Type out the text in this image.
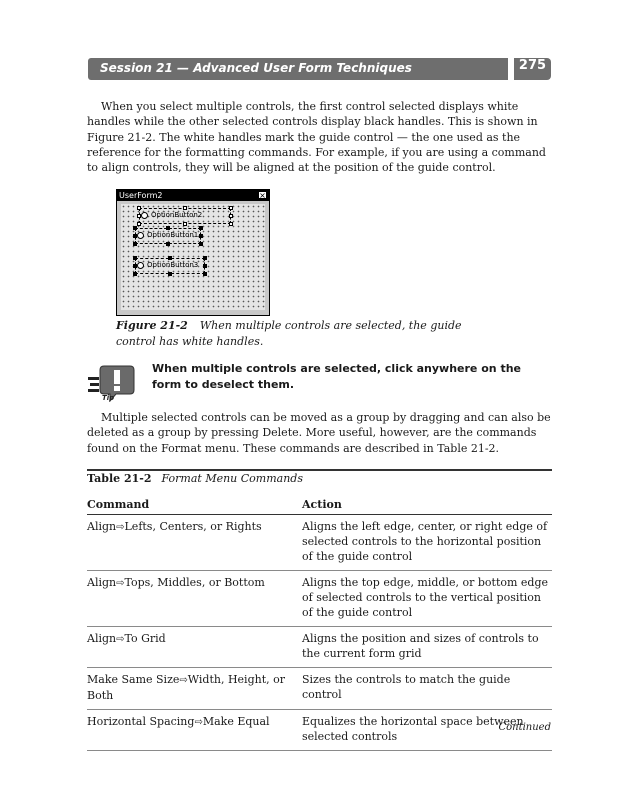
Session 21 — Advanced User Form Techniques	275

When you select multiple controls, the first control selected displays white handles while the other selected controls display black handles. This is shown in Figure 21-2. The white handles mark the guide control — the one used as the reference for the formatting commands. For example, if you are using a command to align controls, they will be aligned at the position of the guide control.

UserForm2	×
OptionButton2
OptionButton1
OptionButton3
Figure 21-2 When multiple controls are selected, the guide control has white handles.
Tip
When multiple controls are selected, click anywhere on the form to deselect them.

Multiple selected controls can be moved as a group by dragging and can also be deleted as a group by pressing Delete. More useful, however, are the commands found on the Format menu. These commands are described in Table 21-2.

Table 21-2 Format Menu Commands
Command	Action
Align⇨Lefts, Centers, or Rights	Aligns the left edge, center, or right edge of selected controls to the horizontal position of the guide control
Align⇨Tops, Middles, or Bottom	Aligns the top edge, middle, or bottom edge of selected controls to the vertical position of the guide control
Align⇨To Grid	Aligns the position and sizes of controls to the current form grid
Make Same Size⇨Width, Height, or Both	Sizes the controls to match the guide control
Horizontal Spacing⇨Make Equal	Equalizes the horizontal space between selected controls
Continued
